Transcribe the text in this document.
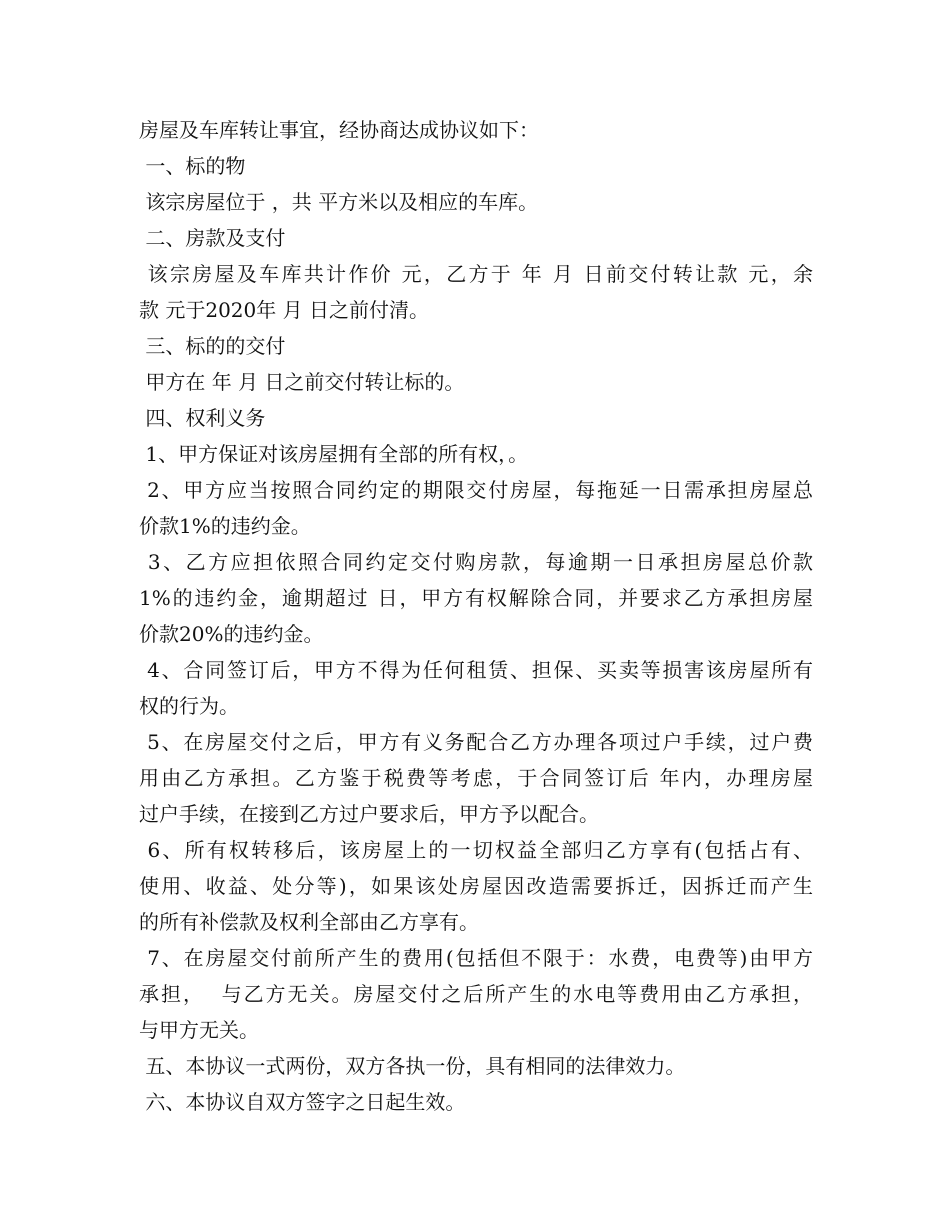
房屋及车库转让事宜，经协商达成协议如下：
一、标的物
该宗房屋位于 ，共 平方米以及相应的车库。
二、房款及支付
该宗房屋及车库共计作价 元，乙方于 年 月 日前交付转让款 元，余
款 元于2020年 月 日之前付清。
三、标的的交付
甲方在 年 月 日之前交付转让标的。
四、权利义务
1、甲方保证对该房屋拥有全部的所有权，。
2、甲方应当按照合同约定的期限交付房屋，每拖延一日需承担房屋总
价款1%的违约金。
3、乙方应担依照合同约定交付购房款，每逾期一日承担房屋总价款
1%的违约金，逾期超过 日，甲方有权解除合同，并要求乙方承担房屋
价款20%的违约金。
4、合同签订后，甲方不得为任何租赁、担保、买卖等损害该房屋所有
权的行为。
5、在房屋交付之后，甲方有义务配合乙方办理各项过户手续，过户费
用由乙方承担。乙方鉴于税费等考虑，于合同签订后 年内，办理房屋
过户手续，在接到乙方过户要求后，甲方予以配合。
6、所有权转移后，该房屋上的一切权益全部归乙方享有(包括占有、
使用、收益、处分等)，如果该处房屋因改造需要拆迁，因拆迁而产生
的所有补偿款及权利全部由乙方享有。
7、在房屋交付前所产生的费用(包括但不限于：水费，电费等)由甲方
承担，  与乙方无关。房屋交付之后所产生的水电等费用由乙方承担，
与甲方无关。
五、本协议一式两份，双方各执一份，具有相同的法律效力。
六、本协议自双方签字之日起生效。
